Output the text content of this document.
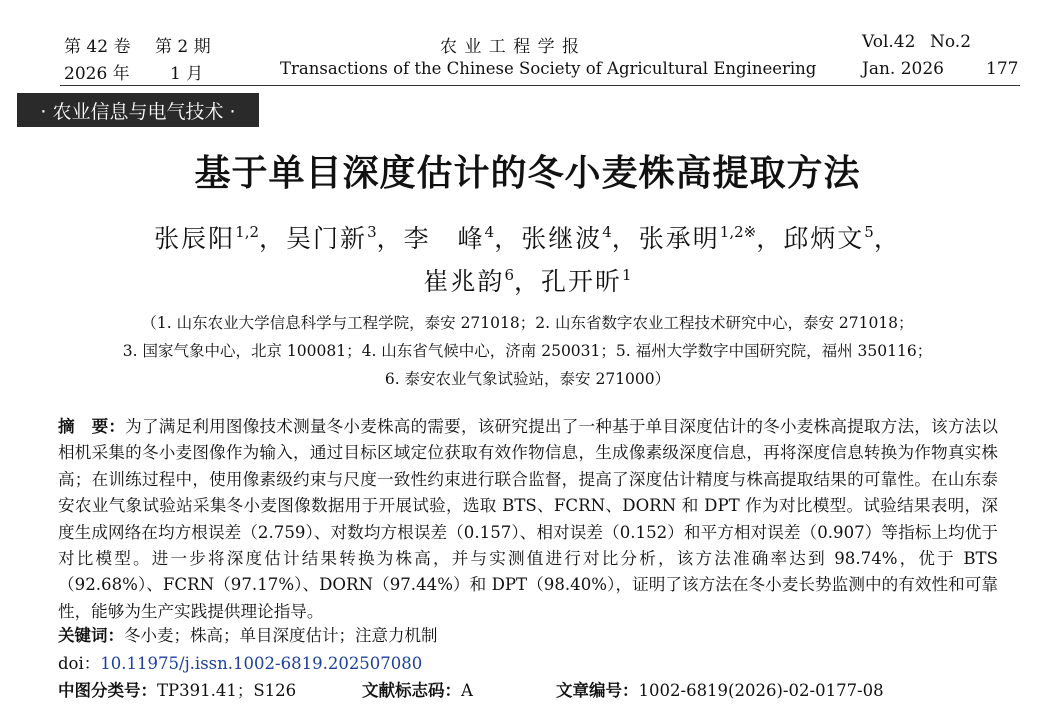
第 42 卷 第 2 期	农 业 工 程 学 报	Vol.42 No.2
2026 年 1 月	Transactions of the Chinese Society of Agricultural Engineering	Jan. 2026 177
· 农业信息与电气技术 ·
基于单目深度估计的冬小麦株高提取方法
张辰阳$^{1,2}$，吴门新$^3$，李　峰$^4$，张继波$^4$，张承明$^{1,2※}$，邱炳文$^5$，
崔兆韵$^6$，孔开昕$^1$
（1. 山东农业大学信息科学与工程学院，泰安 271018；2. 山东省数字农业工程技术研究中心，泰安 271018；
3. 国家气象中心，北京 100081；4. 山东省气候中心，济南 250031；5. 福州大学数字中国研究院，福州 350116；
6. 泰安农业气象试验站，泰安 271000）
摘　要：为了满足利用图像技术测量冬小麦株高的需要，该研究提出了一种基于单目深度估计的冬小麦株高提取方法，该方法以相机采集的冬小麦图像作为输入，通过目标区域定位获取有效作物信息，生成像素级深度信息，再将深度信息转换为作物真实株高；在训练过程中，使用像素级约束与尺度一致性约束进行联合监督，提高了深度估计精度与株高提取结果的可靠性。在山东泰安农业气象试验站采集冬小麦图像数据用于开展试验，选取 BTS、FCRN、DORN 和 DPT 作为对比模型。试验结果表明，深度生成网络在均方根误差（2.759）、对数均方根误差（0.157）、相对误差（0.152）和平方相对误差（0.907）等指标上均优于对比模型。进一步将深度估计结果转换为株高，并与实测值进行对比分析，该方法准确率达到 98.74%，优于 BTS（92.68%）、FCRN（97.17%）、DORN（97.44%）和 DPT（98.40%），证明了该方法在冬小麦长势监测中的有效性和可靠性，能够为生产实践提供理论指导。
关键词：冬小麦；株高；单目深度估计；注意力机制
doi：10.11975/j.issn.1002-6819.202507080
中图分类号：TP391.41；S126	文献标志码：A	文章编号：1002-6819(2026)-02-0177-08
